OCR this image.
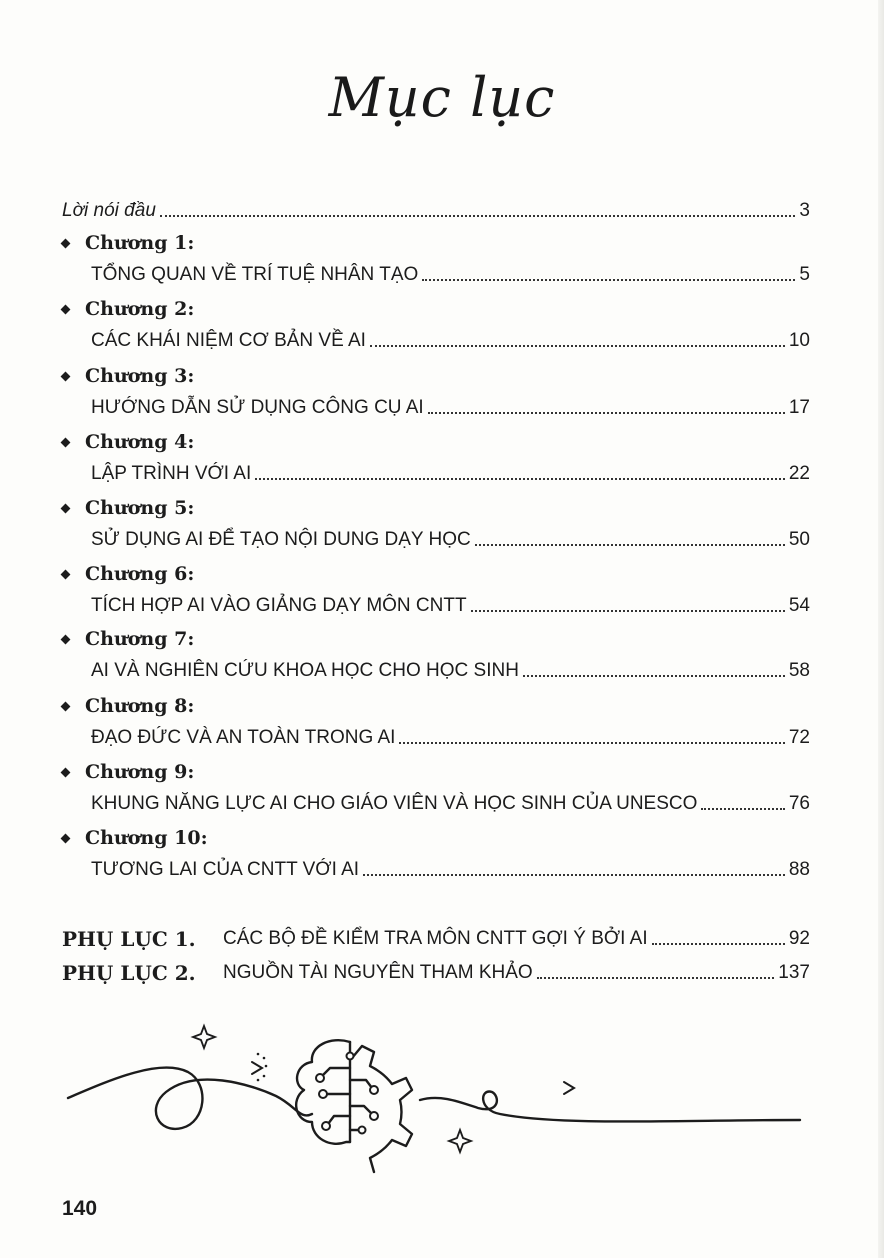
Mục lục
Lời nói đầu	3
Chương 1:
TỔNG QUAN VỀ TRÍ TUỆ NHÂN TẠO	5
Chương 2:
CÁC KHÁI NIỆM CƠ BẢN VỀ AI	10
Chương 3:
HƯỚNG DẪN SỬ DỤNG CÔNG CỤ AI	17
Chương 4:
LẬP TRÌNH VỚI AI	22
Chương 5:
SỬ DỤNG AI ĐỂ TẠO NỘI DUNG DẠY HỌC	50
Chương 6:
TÍCH HỢP AI VÀO GIẢNG DẠY MÔN CNTT	54
Chương 7:
AI VÀ NGHIÊN CỨU KHOA HỌC CHO HỌC SINH	58
Chương 8:
ĐẠO ĐỨC VÀ AN TOÀN TRONG AI	72
Chương 9:
KHUNG NĂNG LỰC AI CHO GIÁO VIÊN VÀ HỌC SINH CỦA UNESCO	76
Chương 10:
TƯƠNG LAI CỦA CNTT VỚI AI	88
PHỤ LỤC 1.	CÁC BỘ ĐỀ KIỂM TRA MÔN CNTT GỢI Ý BỞI AI	92
PHỤ LỤC 2.	NGUỒN TÀI NGUYÊN THAM KHẢO	137
140
